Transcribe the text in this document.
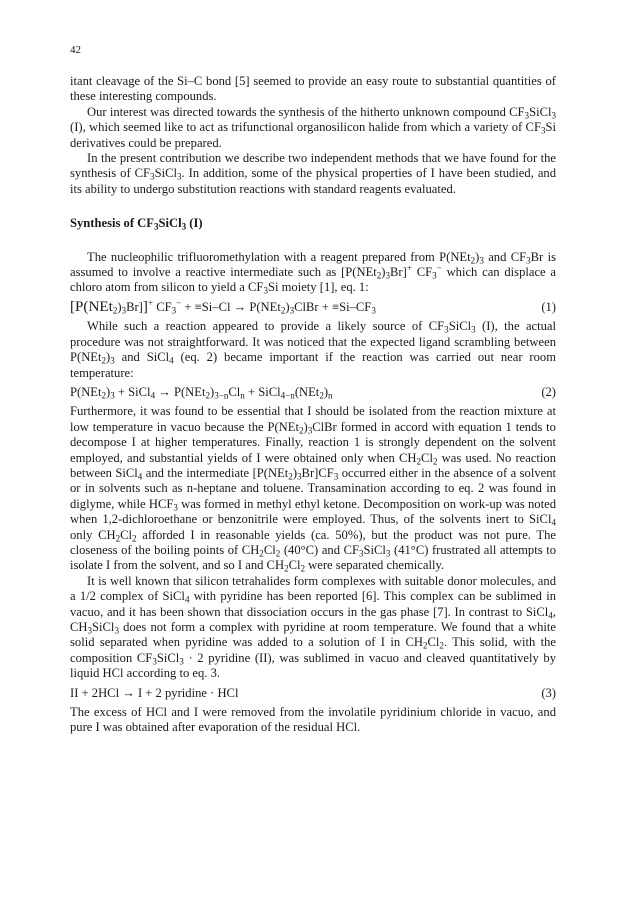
42

itant cleavage of the Si–C bond [5] seemed to provide an easy route to substantial quantities of these interesting compounds.

Our interest was directed towards the synthesis of the hitherto unknown compound $CF_3SiCl_3$ (I), which seemed like to act as trifunctional organosilicon halide from which a variety of $CF_3Si$ derivatives could be prepared.

In the present contribution we describe two independent methods that we have found for the synthesis of $CF_3SiCl_3$. In addition, some of the physical properties of I have been studied, and its ability to undergo substitution reactions with standard reagents evaluated.

Synthesis of $CF_3SiCl_3$ (I)

The nucleophilic trifluoromethylation with a reagent prepared from $P(NEt_2)_3$ and $CF_3Br$ is assumed to involve a reactive intermediate such as $[P(NEt_2)_3Br]^+$ $CF_3^-$ which can displace a chloro atom from silicon to yield a $CF_3Si$ moiety [1], eq. 1:

$[P(NEt_2)_3Br]]^+$ $CF_3^- + \equiv Si-Cl$ → $P(NEt_2)_3ClBr + \equiv Si-CF_3$	(1)

While such a reaction appeared to provide a likely source of $CF_3SiCl_3$ (I), the actual procedure was not straightforward. It was noticed that the expected ligand scrambling between $P(NEt_2)_3$ and SiCl$_4$ (eq. 2) became important if the reaction was carried out near room temperature:

$P(NEt_2)_3$ + SiCl$_4$ → $P(NEt_2)_{3-n}Cl_n$ + $SiCl_{4-n}(NEt_2)_n$	(2)

Furthermore, it was found to be essential that I should be isolated from the reaction mixture at low temperature in vacuo because the $P(NEt_2)_3ClBr$ formed in accord with equation 1 tends to decompose I at higher temperatures. Finally, reaction 1 is strongly dependent on the solvent employed, and substantial yields of I were obtained only when $CH_2Cl_2$ was used. No reaction between SiCl$_4$ and the intermediate $[P(NEt_2)_3Br]CF_3$ occurred either in the absence of a solvent or in solvents such as n-heptane and toluene. Transamination according to eq. 2 was found in diglyme, while $HCF_3$ was formed in methyl ethyl ketone. Decomposition on work-up was noted when 1,2-dichloroethane or benzonitrile were employed. Thus, of the solvents inert to SiCl$_4$ only $CH_2Cl_2$ afforded I in reasonable yields (ca. 50%), but the product was not pure. The closeness of the boiling points of $CH_2Cl_2$ (40°C) and $CF_3SiCl_3$ (41°C) frustrated all attempts to isolate I from the solvent, and so I and $CH_2Cl_2$ were separated chemically.

It is well known that silicon tetrahalides form complexes with suitable donor molecules, and a 1/2 complex of SiCl$_4$ with pyridine has been reported [6]. This complex can be sublimed in vacuo, and it has been shown that dissociation occurs in the gas phase [7]. In contrast to SiCl$_4$, $CH_3SiCl_3$ does not form a complex with pyridine at room temperature. We found that a white solid separated when pyridine was added to a solution of I in $CH_2Cl_2$. This solid, with the composition $CF_3SiCl_3 \cdot 2$ pyridine (II), was sublimed in vacuo and cleaved quantitatively by liquid HCl according to eq. 3.

II + 2HCl → I + 2 pyridine · HCl	(3)

The excess of HCl and I were removed from the involatile pyridinium chloride in vacuo, and pure I was obtained after evaporation of the residual HCl.
